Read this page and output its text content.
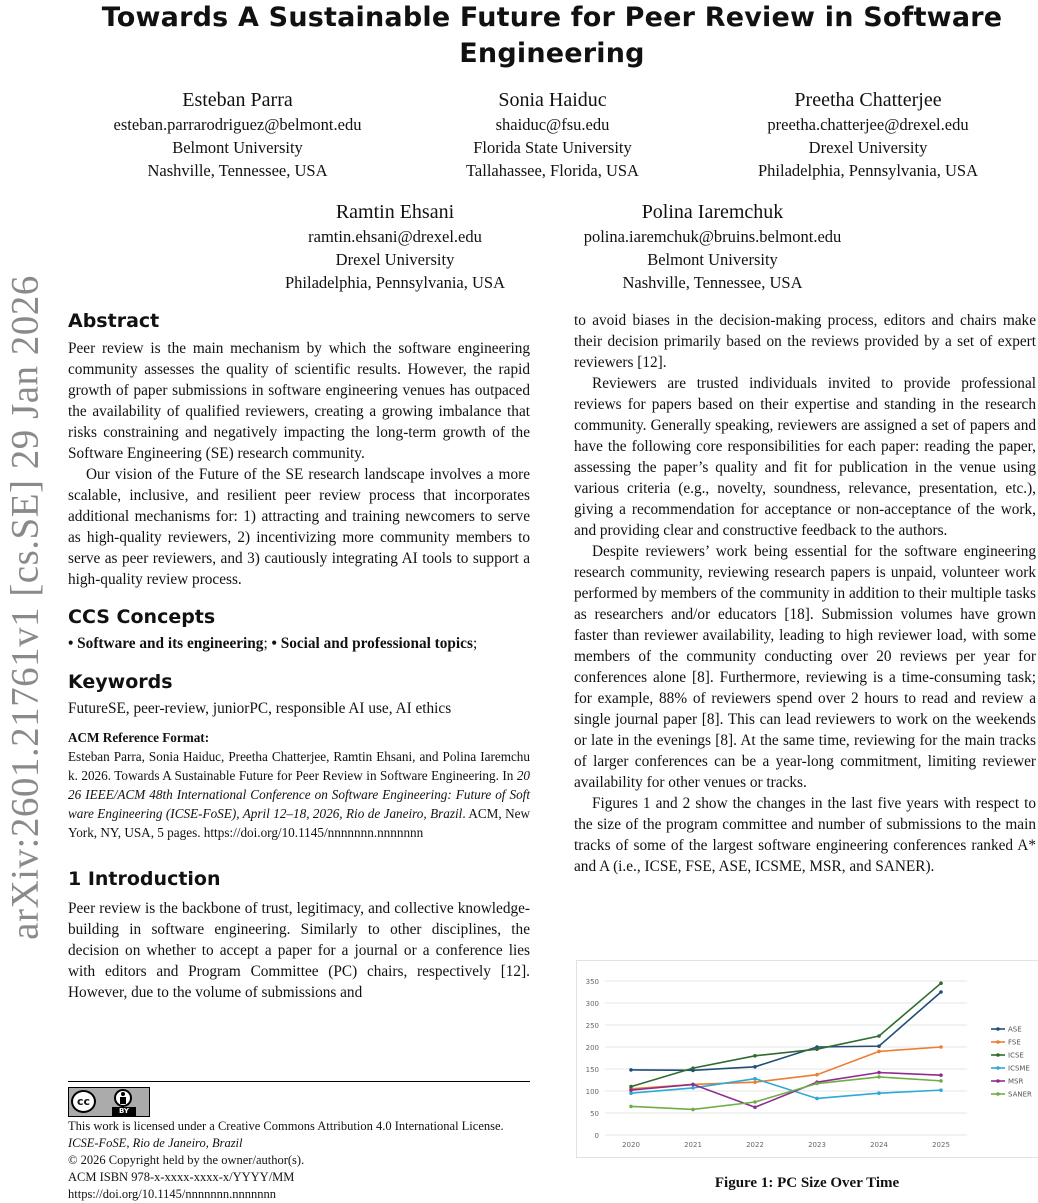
Towards A Sustainable Future for Peer Review in Software Engineering
arXiv:2601.21761v1 [cs.SE] 29 Jan 2026
Esteban Parra
esteban.parrarodriguez@belmont.edu
Belmont University
Nashville, Tennessee, USA
Sonia Haiduc
shaiduc@fsu.edu
Florida State University
Tallahassee, Florida, USA
Preetha Chatterjee
preetha.chatterjee@drexel.edu
Drexel University
Philadelphia, Pennsylvania, USA
Ramtin Ehsani
ramtin.ehsani@drexel.edu
Drexel University
Philadelphia, Pennsylvania, USA
Polina Iaremchuk
polina.iaremchuk@bruins.belmont.edu
Belmont University
Nashville, Tennessee, USA
Abstract

Peer review is the main mechanism by which the software engineering community assesses the quality of scientific results. However, the rapid growth of paper submissions in software engineering venues has outpaced the availability of qualified reviewers, creating a growing imbalance that risks constraining and negatively impacting the long-term growth of the Software Engineering (SE) research community.

Our vision of the Future of the SE research landscape involves a more scalable, inclusive, and resilient peer review process that incorporates additional mechanisms for: 1) attracting and training newcomers to serve as high-quality reviewers, 2) incentivizing more community members to serve as peer reviewers, and 3) cautiously integrating AI tools to support a high-quality review process.

CCS Concepts

• Software and its engineering; • Social and professional topics;

Keywords

FutureSE, peer-review, juniorPC, responsible AI use, AI ethics

ACM Reference Format:
Esteban Parra, Sonia Haiduc, Preetha Chatterjee, Ramtin Ehsani, and Polina Iaremchuk. 2026. Towards A Sustainable Future for Peer Review in Software Engineering. In 2026 IEEE/ACM 48th International Conference on Software Engineering: Future of Software Engineering (ICSE-FoSE), April 12–18, 2026, Rio de Janeiro, Brazil. ACM, New York, NY, USA, 5 pages. https://doi.org/10.1145/nnnnnnn.nnnnnnn
1 Introduction

Peer review is the backbone of trust, legitimacy, and collective knowledge-building in software engineering. Similarly to other disciplines, the decision on whether to accept a paper for a journal or a conference lies with editors and Program Committee (PC) chairs, respectively [12]. However, due to the volume of submissions and

cc
BY
This work is licensed under a Creative Commons Attribution 4.0 International License.
ICSE-FoSE, Rio de Janeiro, Brazil
© 2026 Copyright held by the owner/author(s).
ACM ISBN 978-x-xxxx-xxxx-x/YYYY/MM
https://doi.org/10.1145/nnnnnnn.nnnnnnn

to avoid biases in the decision-making process, editors and chairs make their decision primarily based on the reviews provided by a set of expert reviewers [12].

Reviewers are trusted individuals invited to provide professional reviews for papers based on their expertise and standing in the research community. Generally speaking, reviewers are assigned a set of papers and have the following core responsibilities for each paper: reading the paper, assessing the paper’s quality and fit for publication in the venue using various criteria (e.g., novelty, soundness, relevance, presentation, etc.), giving a recommendation for acceptance or non-acceptance of the work, and providing clear and constructive feedback to the authors.

Despite reviewers’ work being essential for the software engineering research community, reviewing research papers is unpaid, volunteer work performed by members of the community in addition to their multiple tasks as researchers and/or educators [18]. Submission volumes have grown faster than reviewer availability, leading to high reviewer load, with some members of the community conducting over 20 reviews per year for conferences alone [8]. Furthermore, reviewing is a time-consuming task; for example, 88% of reviewers spend over 2 hours to read and review a single journal paper [8]. This can lead reviewers to work on the weekends or late in the evenings [8]. At the same time, reviewing for the main tracks of larger conferences can be a year-long commitment, limiting reviewer availability for other venues or tracks.

Figures 1 and 2 show the changes in the last five years with respect to the size of the program committee and number of submissions to the main tracks of some of the largest software engineering conferences ranked A* and A (i.e., ICSE, FSE, ASE, ICSME, MSR, and SANER).

0
50
100
150
200
250
300
350
2020	2021	2022	2023	2024	2025
ASE
FSE
ICSE
ICSME
MSR
SANER
Figure 1: PC Size Over Time
